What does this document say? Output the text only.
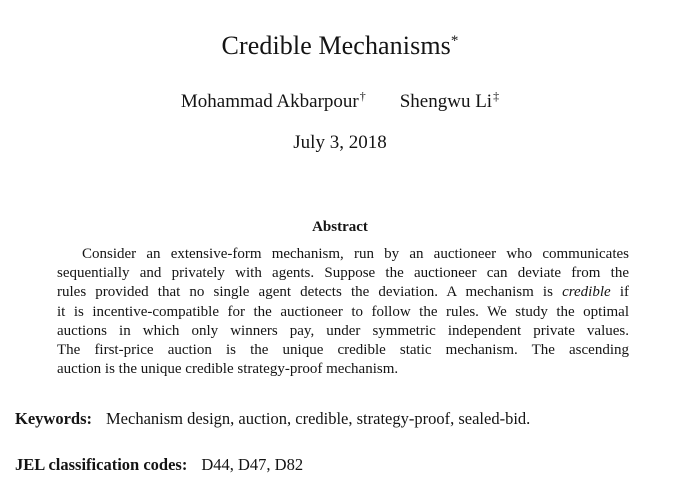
Credible Mechanisms*
Mohammad Akbarpour† Shengwu Li‡
July 3, 2018
Abstract
Consider an extensive-form mechanism, run by an auctioneer who communicates
sequentially and privately with agents. Suppose the auctioneer can deviate from the
rules provided that no single agent detects the deviation. A mechanism is credible if
it is incentive-compatible for the auctioneer to follow the rules. We study the optimal
auctions in which only winners pay, under symmetric independent private values.
The first-price auction is the unique credible static mechanism. The ascending
auction is the unique credible strategy-proof mechanism.
Keywords: Mechanism design, auction, credible, strategy-proof, sealed-bid.
JEL classification codes: D44, D47, D82
